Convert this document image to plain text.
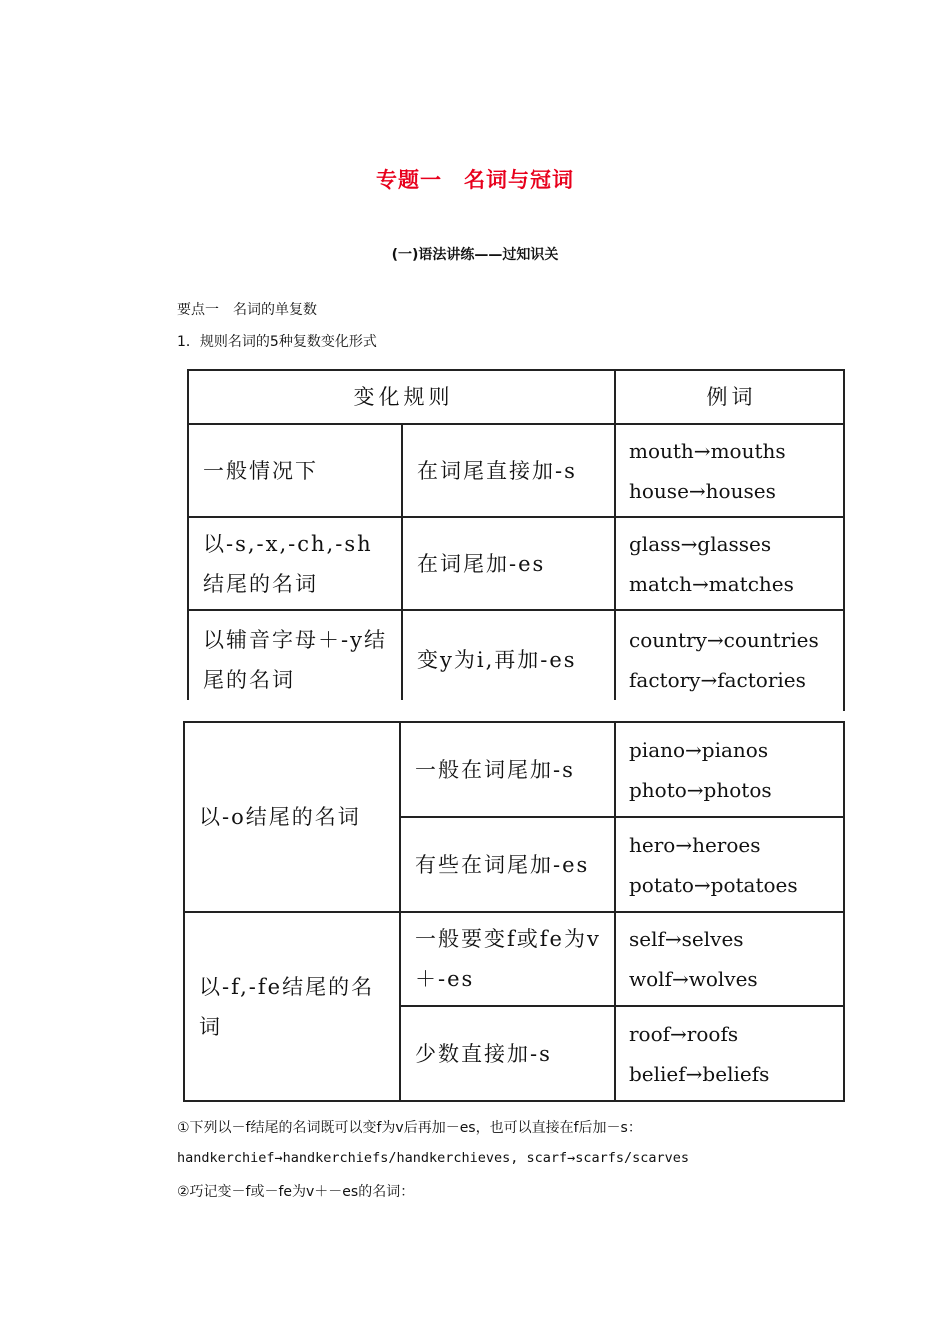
专题一　名词与冠词
(一)语法讲练——过知识关
要点一　名词的单复数
1．规则名词的5种复数变化形式
变化规则		例词
一般情况下	在词尾直接加-s	mouth→mouths
house→houses

以-s,-x,-ch,-sh结尾的名词	在词尾加-es	glass→glasses
match→matches

以辅音字母＋-y结尾的名词	变y为i,再加-es	country→countries
factory→factories
以-o结尾的名词	一般在词尾加-s	piano→pianos
photo→photos

	有些在词尾加-es	hero→heroes
potato→potatoes

以-f,-fe结尾的名词	一般要变f或fe为v＋-es	self→selves
wolf→wolves

	少数直接加-s	roof→roofs
belief→beliefs
①下列以－f结尾的名词既可以变f为v后再加－es，也可以直接在f后加－s：
handkerchief→handkerchiefs/handkerchieves, scarf→scarfs/scarves
②巧记变－f或－fe为v＋－es的名词：
